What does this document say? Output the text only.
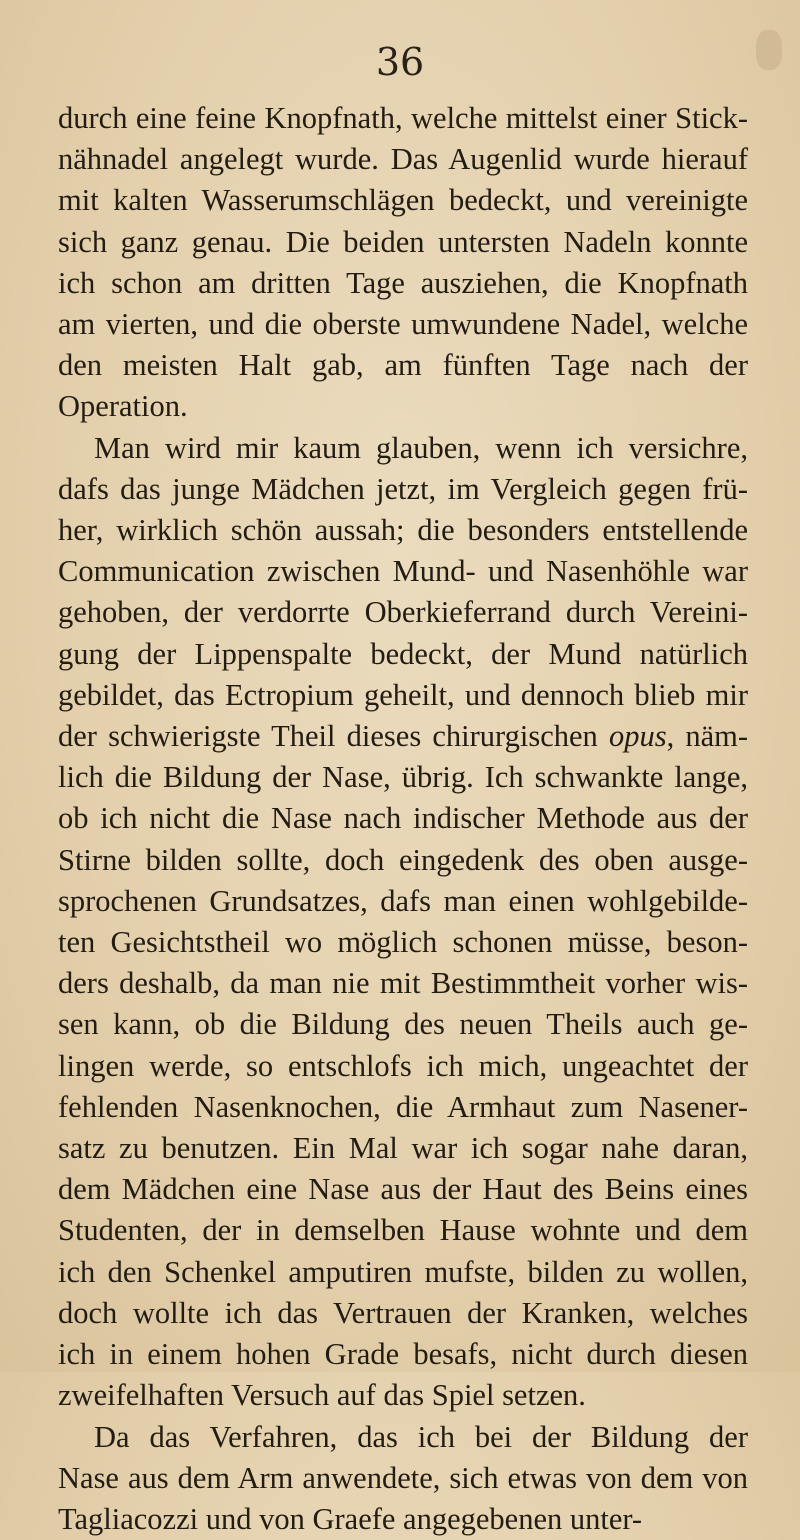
36
durch eine feine Knopfnath, welche mittelst einer Stick-
nähnadel angelegt wurde. Das Augenlid wurde hierauf
mit kalten Wasserumschlägen bedeckt, und vereinigte
sich ganz genau. Die beiden untersten Nadeln konnte
ich schon am dritten Tage ausziehen, die Knopfnath
am vierten, und die oberste umwundene Nadel, welche
den meisten Halt gab, am fünften Tage nach der
Operation.
Man wird mir kaum glauben, wenn ich versichre,
dafs das junge Mädchen jetzt, im Vergleich gegen frü-
her, wirklich schön aussah; die besonders entstellende
Communication zwischen Mund- und Nasenhöhle war
gehoben, der verdorrte Oberkieferrand durch Vereini-
gung der Lippenspalte bedeckt, der Mund natürlich
gebildet, das Ectropium geheilt, und dennoch blieb mir
der schwierigste Theil dieses chirurgischen opus, näm-
lich die Bildung der Nase, übrig. Ich schwankte lange,
ob ich nicht die Nase nach indischer Methode aus der
Stirne bilden sollte, doch eingedenk des oben ausge-
sprochenen Grundsatzes, dafs man einen wohlgebilde-
ten Gesichtstheil wo möglich schonen müsse, beson-
ders deshalb, da man nie mit Bestimmtheit vorher wis-
sen kann, ob die Bildung des neuen Theils auch ge-
lingen werde, so entschlofs ich mich, ungeachtet der
fehlenden Nasenknochen, die Armhaut zum Nasener-
satz zu benutzen. Ein Mal war ich sogar nahe daran,
dem Mädchen eine Nase aus der Haut des Beins eines
Studenten, der in demselben Hause wohnte und dem
ich den Schenkel amputiren mufste, bilden zu wollen,
doch wollte ich das Vertrauen der Kranken, welches
ich in einem hohen Grade besafs, nicht durch diesen
zweifelhaften Versuch auf das Spiel setzen.
Da das Verfahren, das ich bei der Bildung der
Nase aus dem Arm anwendete, sich etwas von dem von
Tagliacozzi und von Graefe angegebenen unter-
